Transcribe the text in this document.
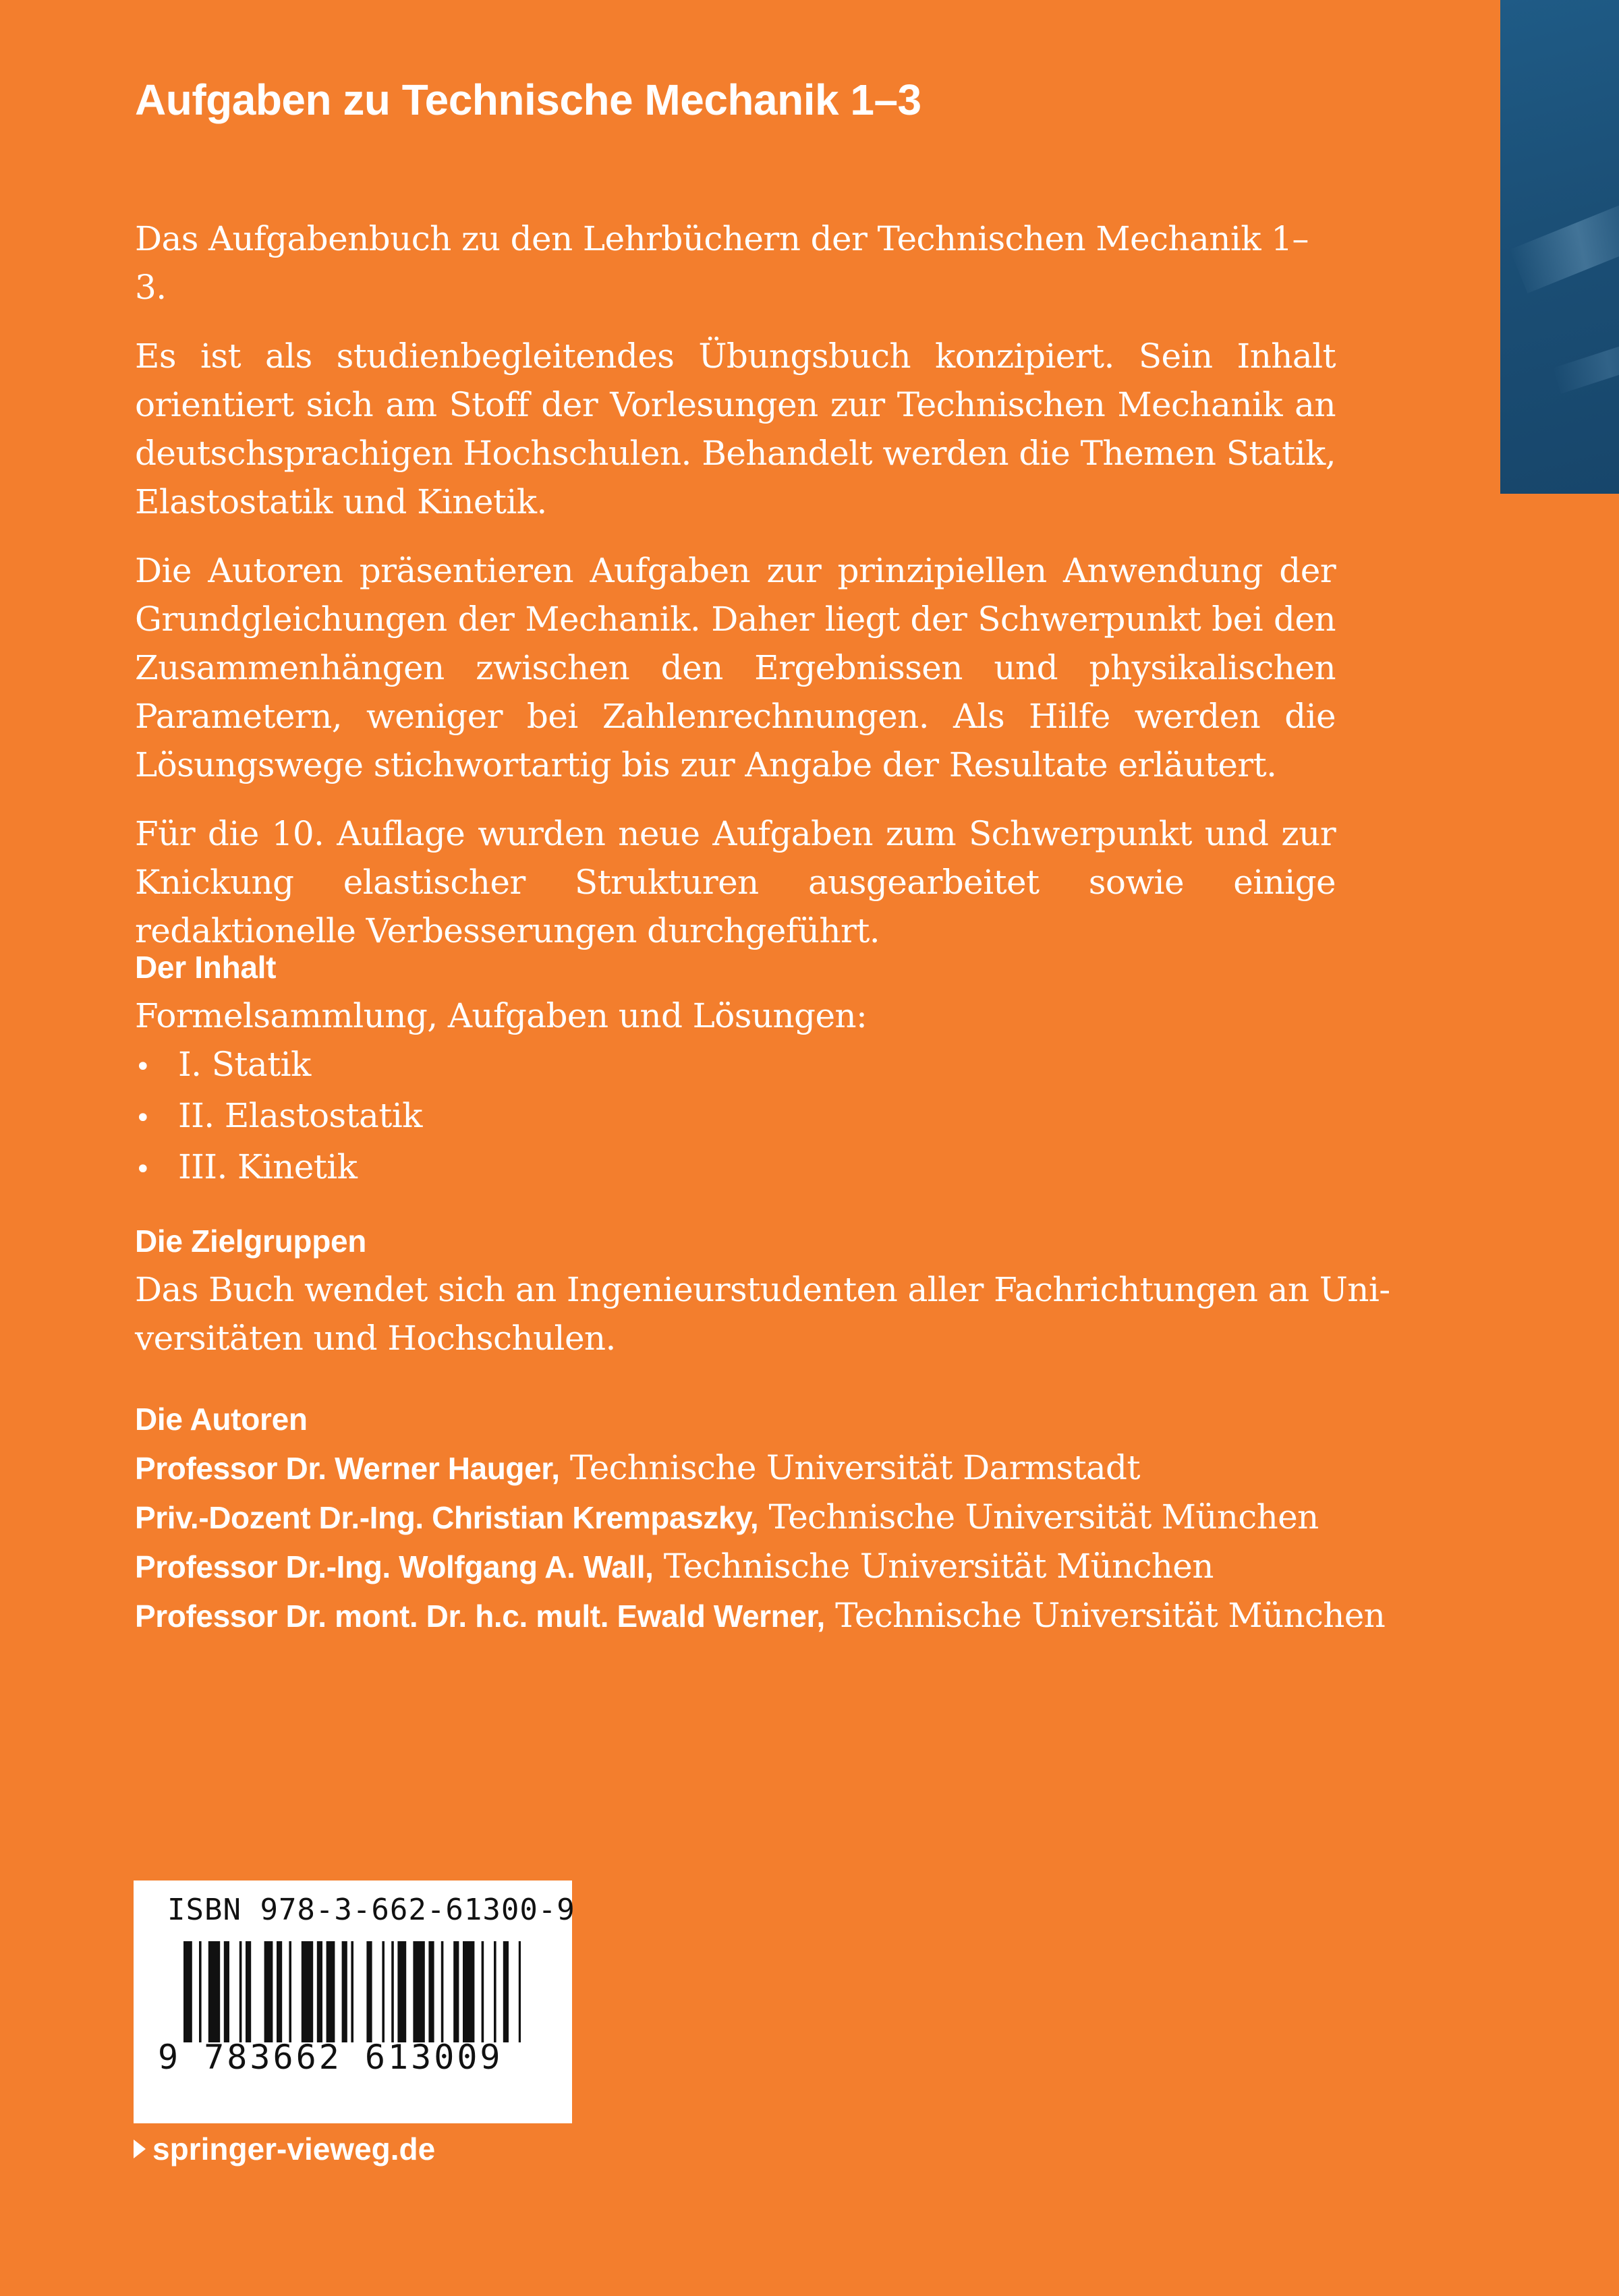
Aufgaben zu Technische Mechanik 1–3

Das Aufgabenbuch zu den Lehrbüchern der Technischen Mechanik 1–3.

Es ist als studienbegleitendes Übungsbuch konzipiert. Sein Inhalt orientiert sich am Stoff der Vorlesungen zur Technischen Mechanik an deutschsprachigen Hochschulen. Behandelt werden die Themen Statik, Elastostatik und Kinetik.

Die Autoren präsentieren Aufgaben zur prinzipiellen Anwendung der Grundgleichungen der Mechanik. Daher liegt der Schwerpunkt bei den Zusammenhängen zwischen den Ergebnissen und physikalischen Parametern, weniger bei Zahlenrechnungen. Als Hilfe werden die Lösungswege stichwortartig bis zur Angabe der Resultate erläutert.

Für die 10. Auflage wurden neue Aufgaben zum Schwerpunkt und zur Knickung elastischer Strukturen ausgearbeitet sowie einige redaktionelle Verbesserungen durchgeführt.

Der Inhalt
Formelsammlung, Aufgaben und Lösungen:
• I. Statik
• II. Elastostatik
• III. Kinetik
Die Zielgruppen
Das Buch wendet sich an Ingenieurstudenten aller Fachrichtungen an Uni-
versitäten und Hochschulen.
Die Autoren
Professor Dr. Werner Hauger, Technische Universität Darmstadt
Priv.-Dozent Dr.-Ing. Christian Krempaszky, Technische Universität München
Professor Dr.-Ing. Wolfgang A. Wall, Technische Universität München
Professor Dr. mont. Dr. h.c. mult. Ewald Werner, Technische Universität München
ISBN 978-3-662-61300-9
9 783662 613009
springer-vieweg.de
